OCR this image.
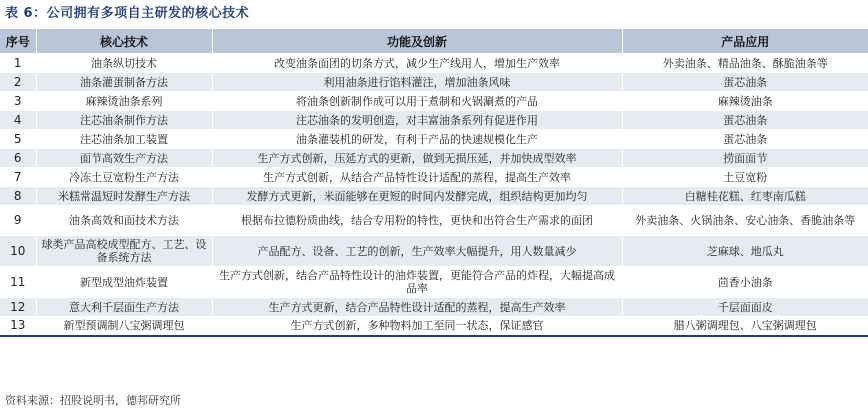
表 6：公司拥有多项自主研发的核心技术
序号	核心技术	功能及创新	产品应用
1	油条纵切技术	改变油条面团的切条方式，减少生产线用人，增加生产效率	外卖油条、精品油条、酥脆油条等
2	油条灌蛋制备方法	利用油条进行馅料灌注，增加油条风味	蛋芯油条
3	麻辣烫油条系列	将油条创新制作成可以用于煮制和火锅涮煮的产品	麻辣烫油条
4	注芯油条制作方法	注芯油条的发明创造，对丰富油条系列有促进作用	蛋芯油条
5	注芯油条加工装置	油条灌装机的研发，有利于产品的快速规模化生产	蛋芯油条
6	面节高效生产方法	生产方式创新，压延方式的更新，做到无损压延，并加快成型效率	捞面面节
7	冷冻土豆宽粉生产方法	生产方式创新，从结合产品特性设计适配的蒸程，提高生产效率	土豆宽粉
8	米糕常温短时发酵生产方法	发酵方式更新，米面能够在更短的时间内发酵完成，组织结构更加均匀	白糖桂花糕、红枣南瓜糕
9	油条高效和面技术方法	根据布拉德粉质曲线，结合专用粉的特性，更快和出符合生产需求的面团	外卖油条、火锅油条、安心油条、香脆油条等
10	球类产品高校成型配方、工艺、设备系统方法	产品配方、设备、工艺的创新，生产效率大幅提升，用人数量减少	芝麻球、地瓜丸
11	新型成型油炸装置	生产方式创新，结合产品特性设计的油炸装置，更能符合产品的炸程，大幅提高成品率	茴香小油条
12	意大利千层面生产方法	生产方式更新，结合产品特性设计适配的蒸程，提高生产效率	千层面面皮
13	新型预调制八宝粥调理包	生产方式创新，多种物料加工至同一状态，保证感官	腊八粥调理包、八宝粥调理包
资料来源：招股说明书，德邦研究所
